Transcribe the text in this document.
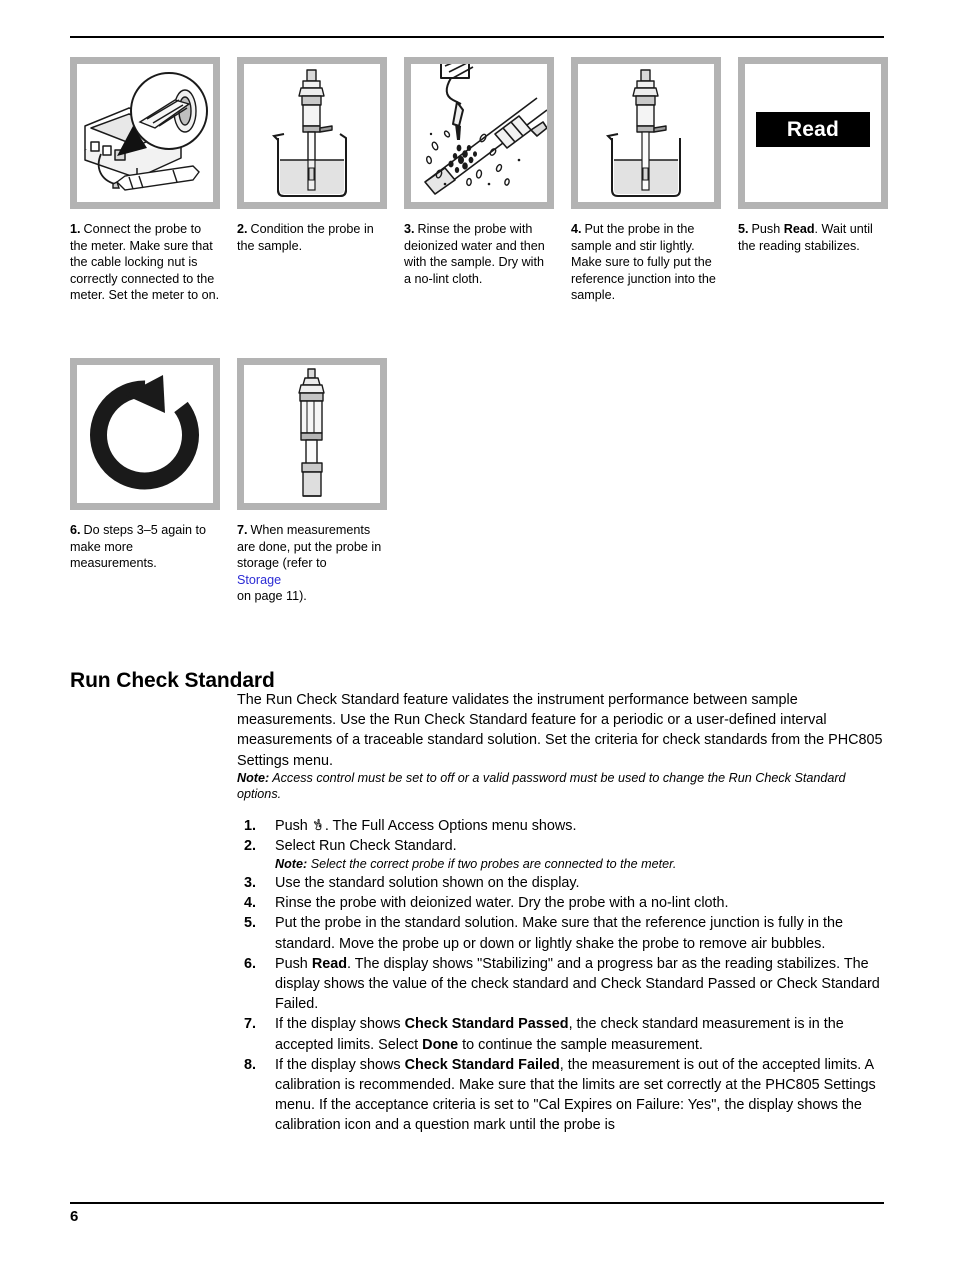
1. Connect the probe to the meter. Make sure that the cable locking nut is correctly connected to the meter. Set the meter to on.
2. Condition the probe in the sample.
3. Rinse the probe with deionized water and then with the sample. Dry with a no-lint cloth.
4. Put the probe in the sample and stir lightly. Make sure to fully put the reference junction into the sample.
Read
5. Push Read. Wait until the reading stabilizes.
6. Do steps 3–5 again to make more measurements.
7. When measurements are done, put the probe in storage (refer to
Storage
on page 11).
Run Check Standard

The Run Check Standard feature validates the instrument performance between sample measurements. Use the Run Check Standard feature for a periodic or a user-defined interval measurements of a traceable standard solution. Set the criteria for check standards from the PHC805 Settings menu.

Note: Access control must be set to off or a valid password must be used to change the Run Check Standard options.

1. Push . The Full Access Options menu shows.
2. Select Run Check Standard.
Note: Select the correct probe if two probes are connected to the meter.
3. Use the standard solution shown on the display.
4. Rinse the probe with deionized water. Dry the probe with a no-lint cloth.
5. Put the probe in the standard solution. Make sure that the reference junction is fully in the standard. Move the probe up or down or lightly shake the probe to remove air bubbles.
6. Push Read. The display shows "Stabilizing" and a progress bar as the reading stabilizes. The display shows the value of the check standard and Check Standard Passed or Check Standard Failed.
7. If the display shows Check Standard Passed, the check standard measurement is in the accepted limits. Select Done to continue the sample measurement.
8. If the display shows Check Standard Failed, the measurement is out of the accepted limits. A calibration is recommended. Make sure that the limits are set correctly at the PHC805 Settings menu. If the acceptance criteria is set to "Cal Expires on Failure: Yes", the display shows the calibration icon and a question mark until the probe is
6
